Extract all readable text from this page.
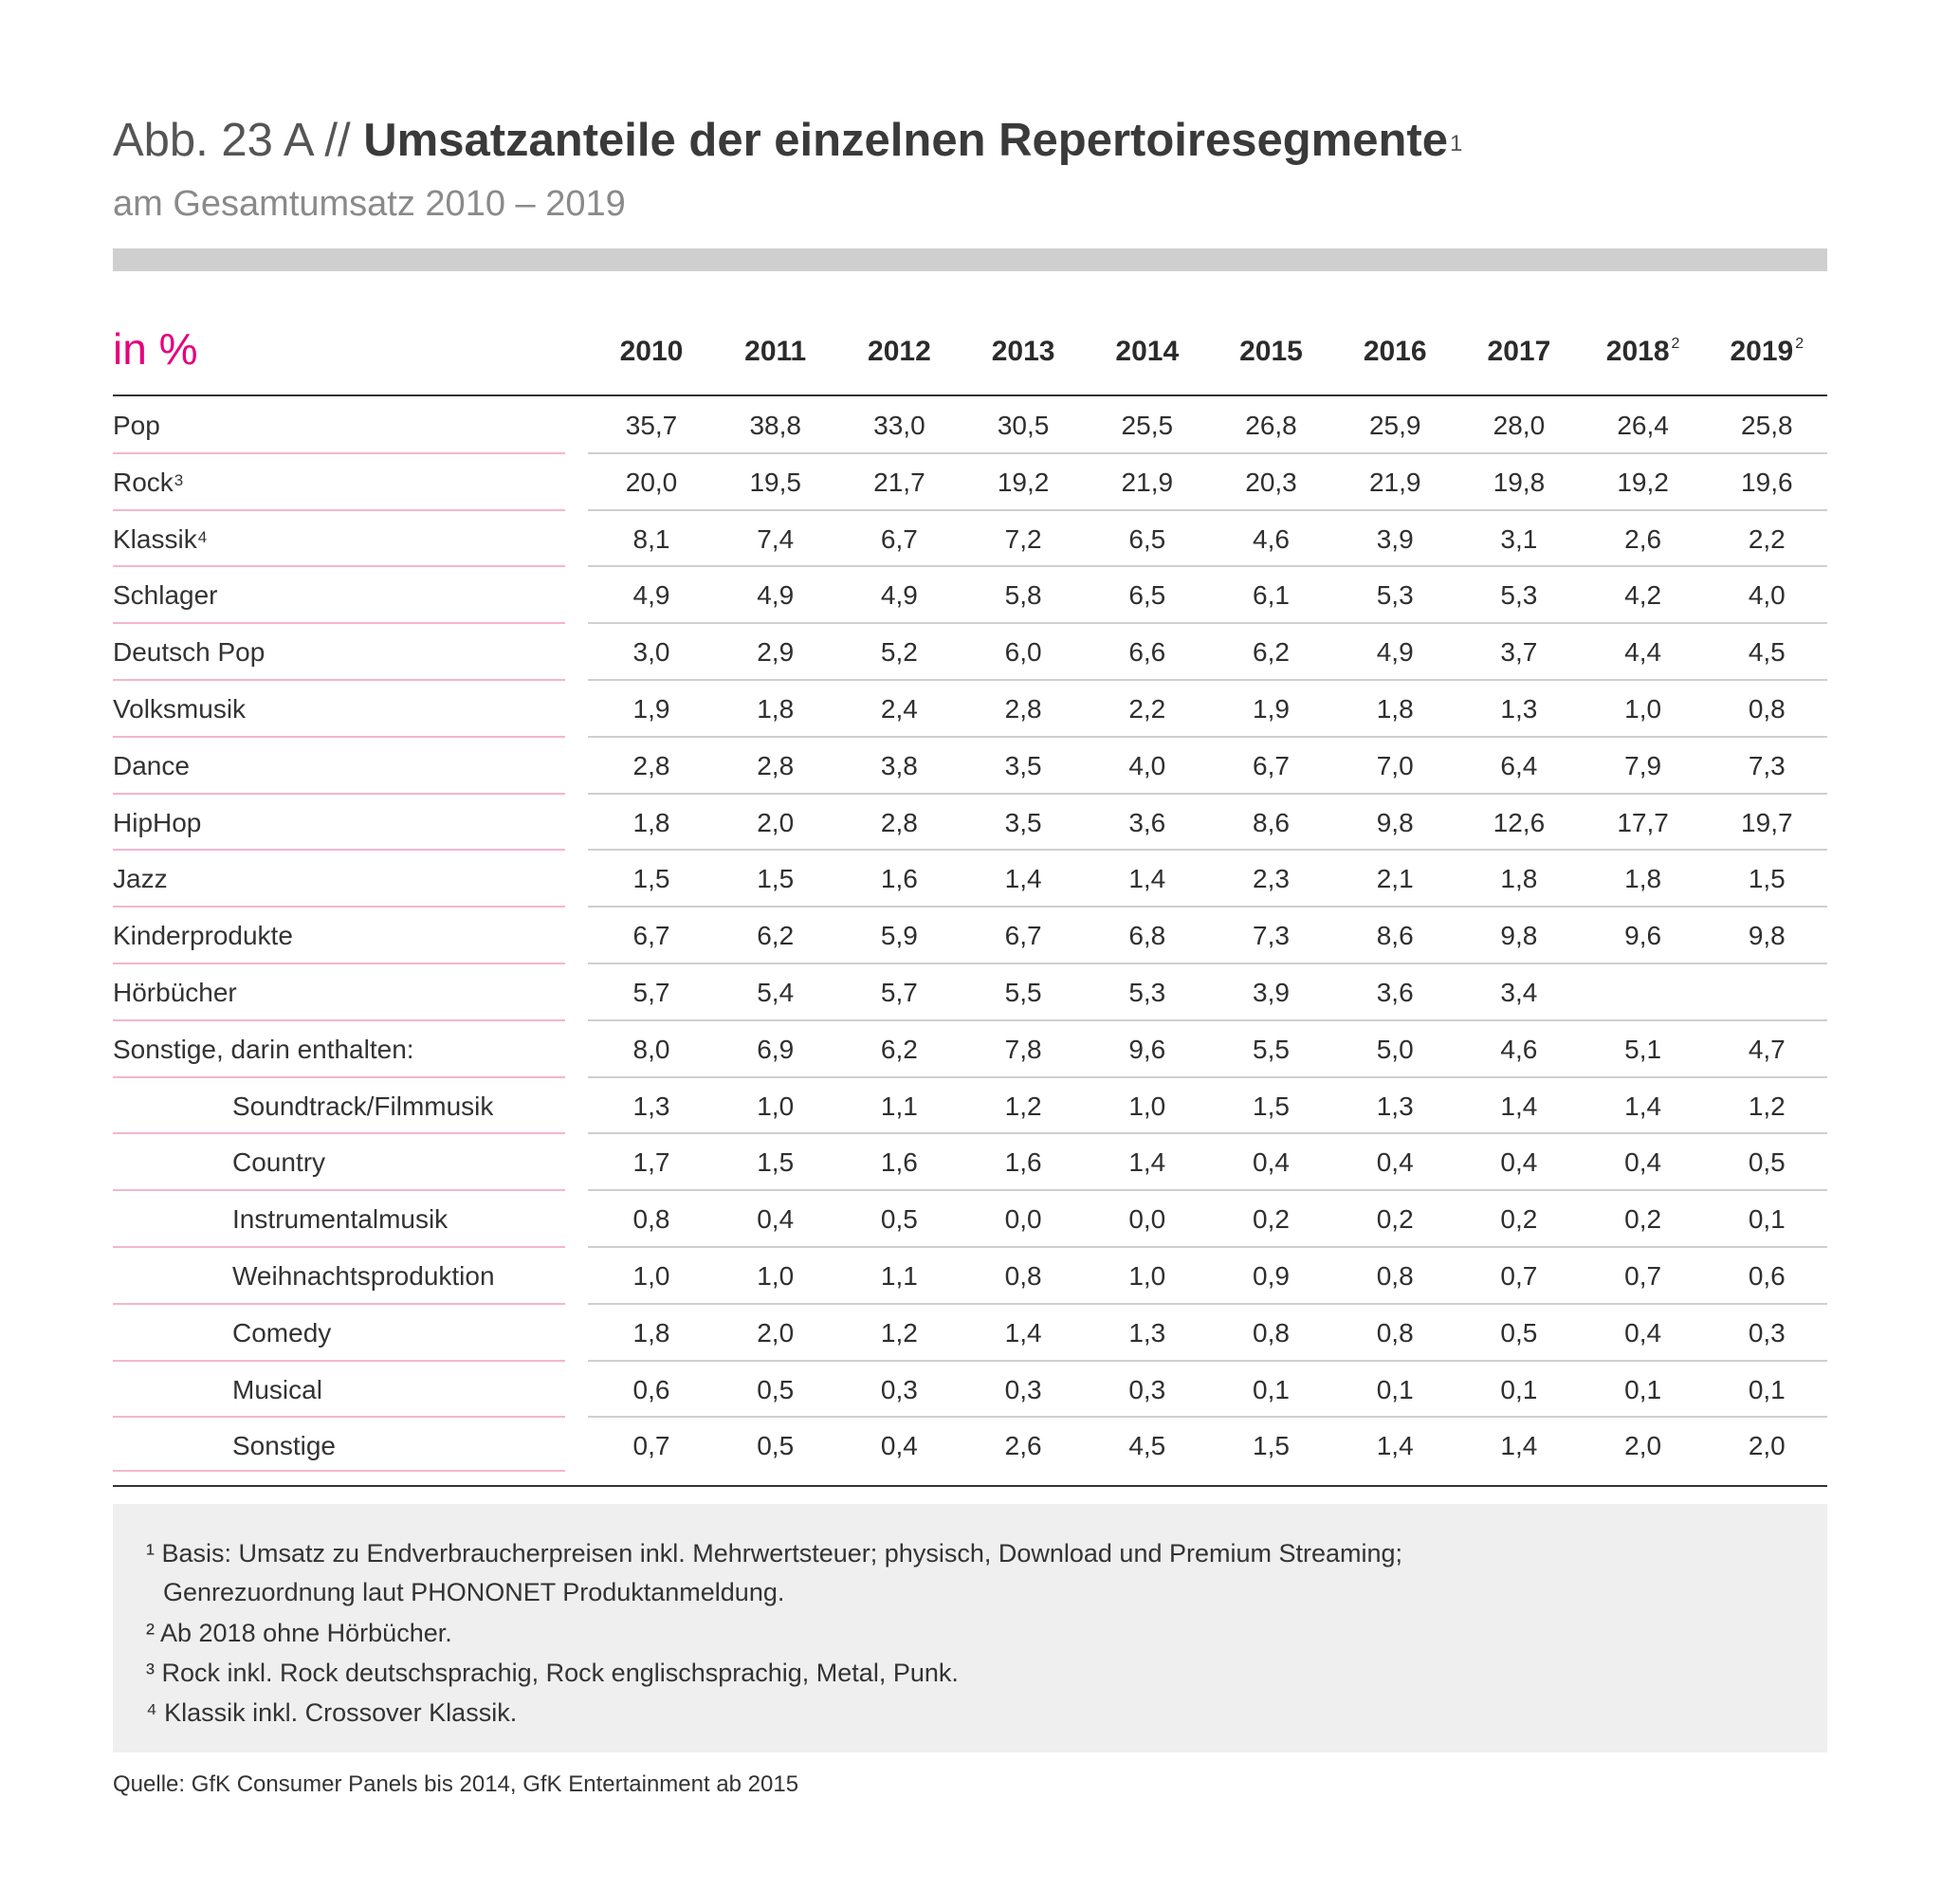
Abb. 23 A // Umsatzanteile der einzelnen Repertoiresegmente$^1$
am Gesamtumsatz 2010 – 2019
in %	2010	2011	2012	2013	2014	2015	2016	2017	2018 $^2$	2019 $^2$
Pop	35,7	38,8	33,0	30,5	25,5	26,8	25,9	28,0	26,4	25,8
Rock$^3$	20,0	19,5	21,7	19,2	21,9	20,3	21,9	19,8	19,2	19,6
Klassik$^4$	8,1	7,4	6,7	7,2	6,5	4,6	3,9	3,1	2,6	2,2
Schlager	4,9	4,9	4,9	5,8	6,5	6,1	5,3	5,3	4,2	4,0
Deutsch Pop	3,0	2,9	5,2	6,0	6,6	6,2	4,9	3,7	4,4	4,5
Volksmusik	1,9	1,8	2,4	2,8	2,2	1,9	1,8	1,3	1,0	0,8
Dance	2,8	2,8	3,8	3,5	4,0	6,7	7,0	6,4	7,9	7,3
HipHop	1,8	2,0	2,8	3,5	3,6	8,6	9,8	12,6	17,7	19,7
Jazz	1,5	1,5	1,6	1,4	1,4	2,3	2,1	1,8	1,8	1,5
Kinderprodukte	6,7	6,2	5,9	6,7	6,8	7,3	8,6	9,8	9,6	9,8
Hörbücher	5,7	5,4	5,7	5,5	5,3	3,9	3,6	3,4
Sonstige, darin enthalten:	8,0	6,9	6,2	7,8	9,6	5,5	5,0	4,6	5,1	4,7
Soundtrack/Filmmusik	1,3	1,0	1,1	1,2	1,0	1,5	1,3	1,4	1,4	1,2
Country	1,7	1,5	1,6	1,6	1,4	0,4	0,4	0,4	0,4	0,5
Instrumentalmusik	0,8	0,4	0,5	0,0	0,0	0,2	0,2	0,2	0,2	0,1
Weihnachtsproduktion	1,0	1,0	1,1	0,8	1,0	0,9	0,8	0,7	0,7	0,6
Comedy	1,8	2,0	1,2	1,4	1,3	0,8	0,8	0,5	0,4	0,3
Musical	0,6	0,5	0,3	0,3	0,3	0,1	0,1	0,1	0,1	0,1
Sonstige	0,7	0,5	0,4	2,6	4,5	1,5	1,4	1,4	2,0	2,0
¹ Basis: Umsatz zu Endverbraucherpreisen inkl. Mehrwertsteuer; physisch, Download und Premium Streaming;
Genrezuordnung laut PHONONET Produktanmeldung.
² Ab 2018 ohne Hörbücher.
³ Rock inkl. Rock deutschsprachig, Rock englischsprachig, Metal, Punk.
⁴ Klassik inkl. Crossover Klassik.
Quelle: GfK Consumer Panels bis 2014, GfK Entertainment ab 2015
